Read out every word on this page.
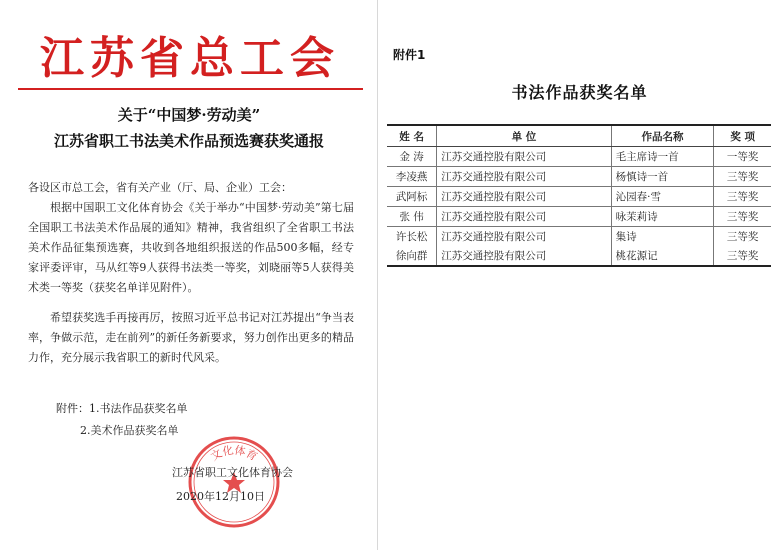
江苏省总工会
关于“中国梦·劳动美”
江苏省职工书法美术作品预选赛获奖通报
各设区市总工会，省有关产业（厅、局、企业）工会：
根据中国职工文化体育协会《关于举办“中国梦·劳动美”第七届全国职工书法美术作品展的通知》精神，我省组织了全省职工书法美术作品征集预选赛，共收到各地组织报送的作品500多幅，经专家评委评审，马从红等9人获得书法类一等奖，刘晓丽等5人获得美术类一等奖（获奖名单详见附件）。
希望获奖选手再接再厉，按照习近平总书记对江苏提出“争当表率，争做示范，走在前列”的新任务新要求，努力创作出更多的精品力作，充分展示我省职工的新时代风采。
附件：1.书法作品获奖名单
2.美术作品获奖名单
文化体育
江苏省职工文化体育协会
2020年12月10日
附件1
书法作品获奖名单
姓 名	单 位	作品名称	奖 项
金 涛	江苏交通控股有限公司	毛主席诗一首	一等奖
李凌燕	江苏交通控股有限公司	杨慎诗一首	三等奖
武阿标	江苏交通控股有限公司	沁园春·雪	三等奖
张 伟	江苏交通控股有限公司	咏茉莉诗	三等奖
许长松	江苏交通控股有限公司	集诗	三等奖
徐向群	江苏交通控股有限公司	桃花源记	三等奖
